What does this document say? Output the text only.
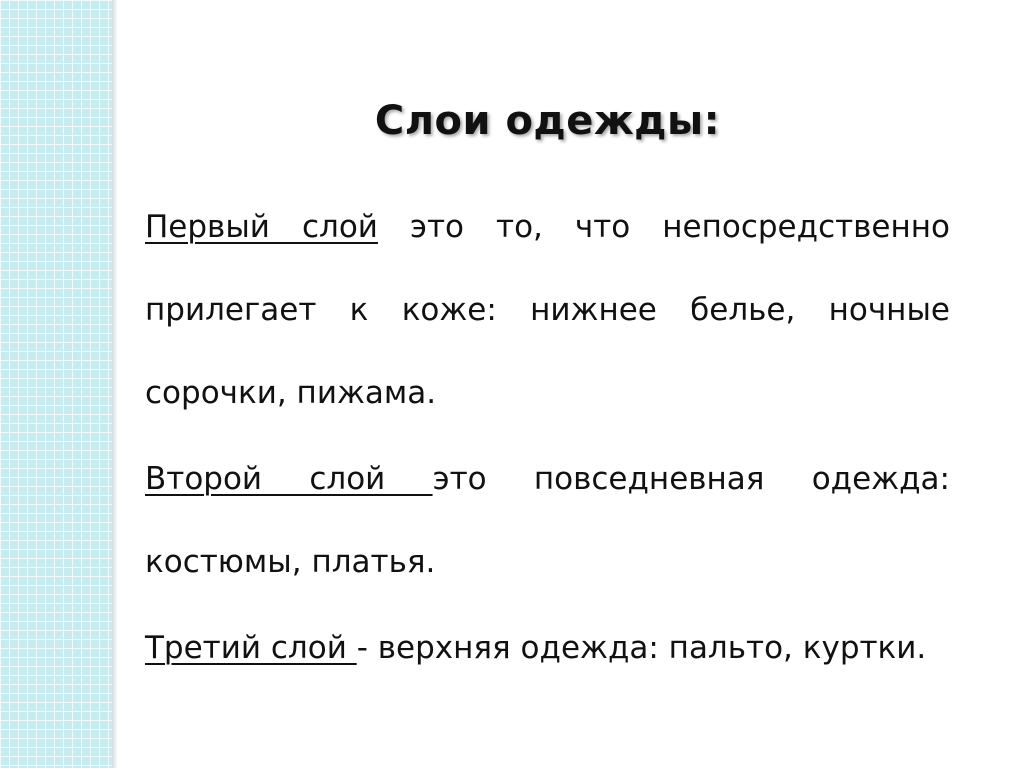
Слои одежды:

Первый слой это то, что непосредственно прилегает к коже: нижнее белье, ночные сорочки, пижама.

Второй слой это повседневная одежда: костюмы, платья.

Третий слой - верхняя одежда: пальто, куртки.
